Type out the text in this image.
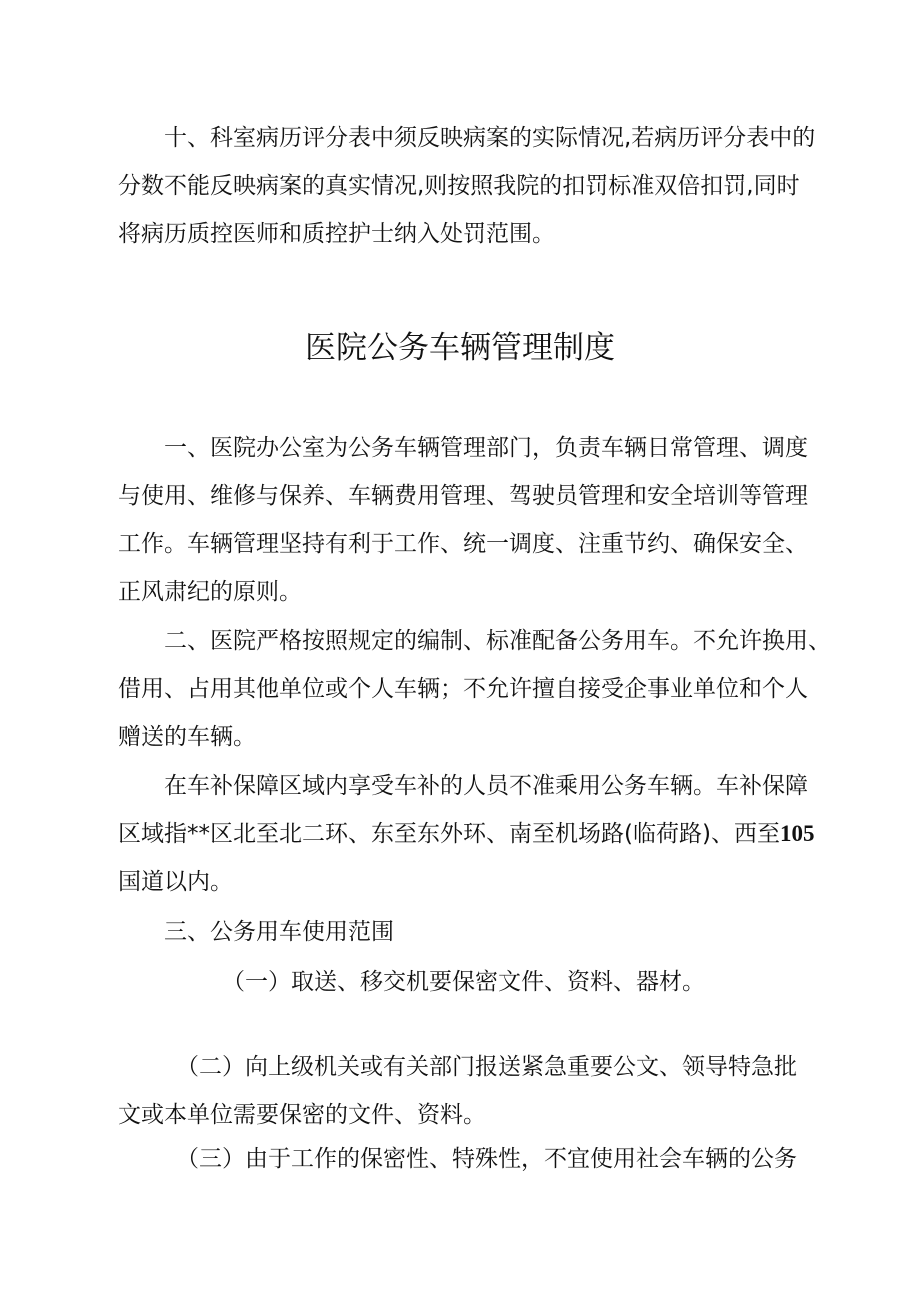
十、科室病历评分表中须反映病案的实际情况,若病历评分表中的
分数不能反映病案的真实情况,则按照我院的扣罚标准双倍扣罚,同时
将病历质控医师和质控护士纳入处罚范围。
医院公务车辆管理制度
一、医院办公室为公务车辆管理部门，负责车辆日常管理、调度
与使用、维修与保养、车辆费用管理、驾驶员管理和安全培训等管理
工作。车辆管理坚持有利于工作、统一调度、注重节约、确保安全、
正风肃纪的原则。
二、医院严格按照规定的编制、标准配备公务用车。不允许换用、
借用、占用其他单位或个人车辆；不允许擅自接受企事业单位和个人
赠送的车辆。
在车补保障区域内享受车补的人员不准乘用公务车辆。车补保障
区域指**区北至北二环、东至东外环、南至机场路(临荷路)、西至105
国道以内。
三、公务用车使用范围
（一）取送、移交机要保密文件、资料、器材。
（二）向上级机关或有关部门报送紧急重要公文、领导特急批
文或本单位需要保密的文件、资料。
（三）由于工作的保密性、特殊性，不宜使用社会车辆的公务
